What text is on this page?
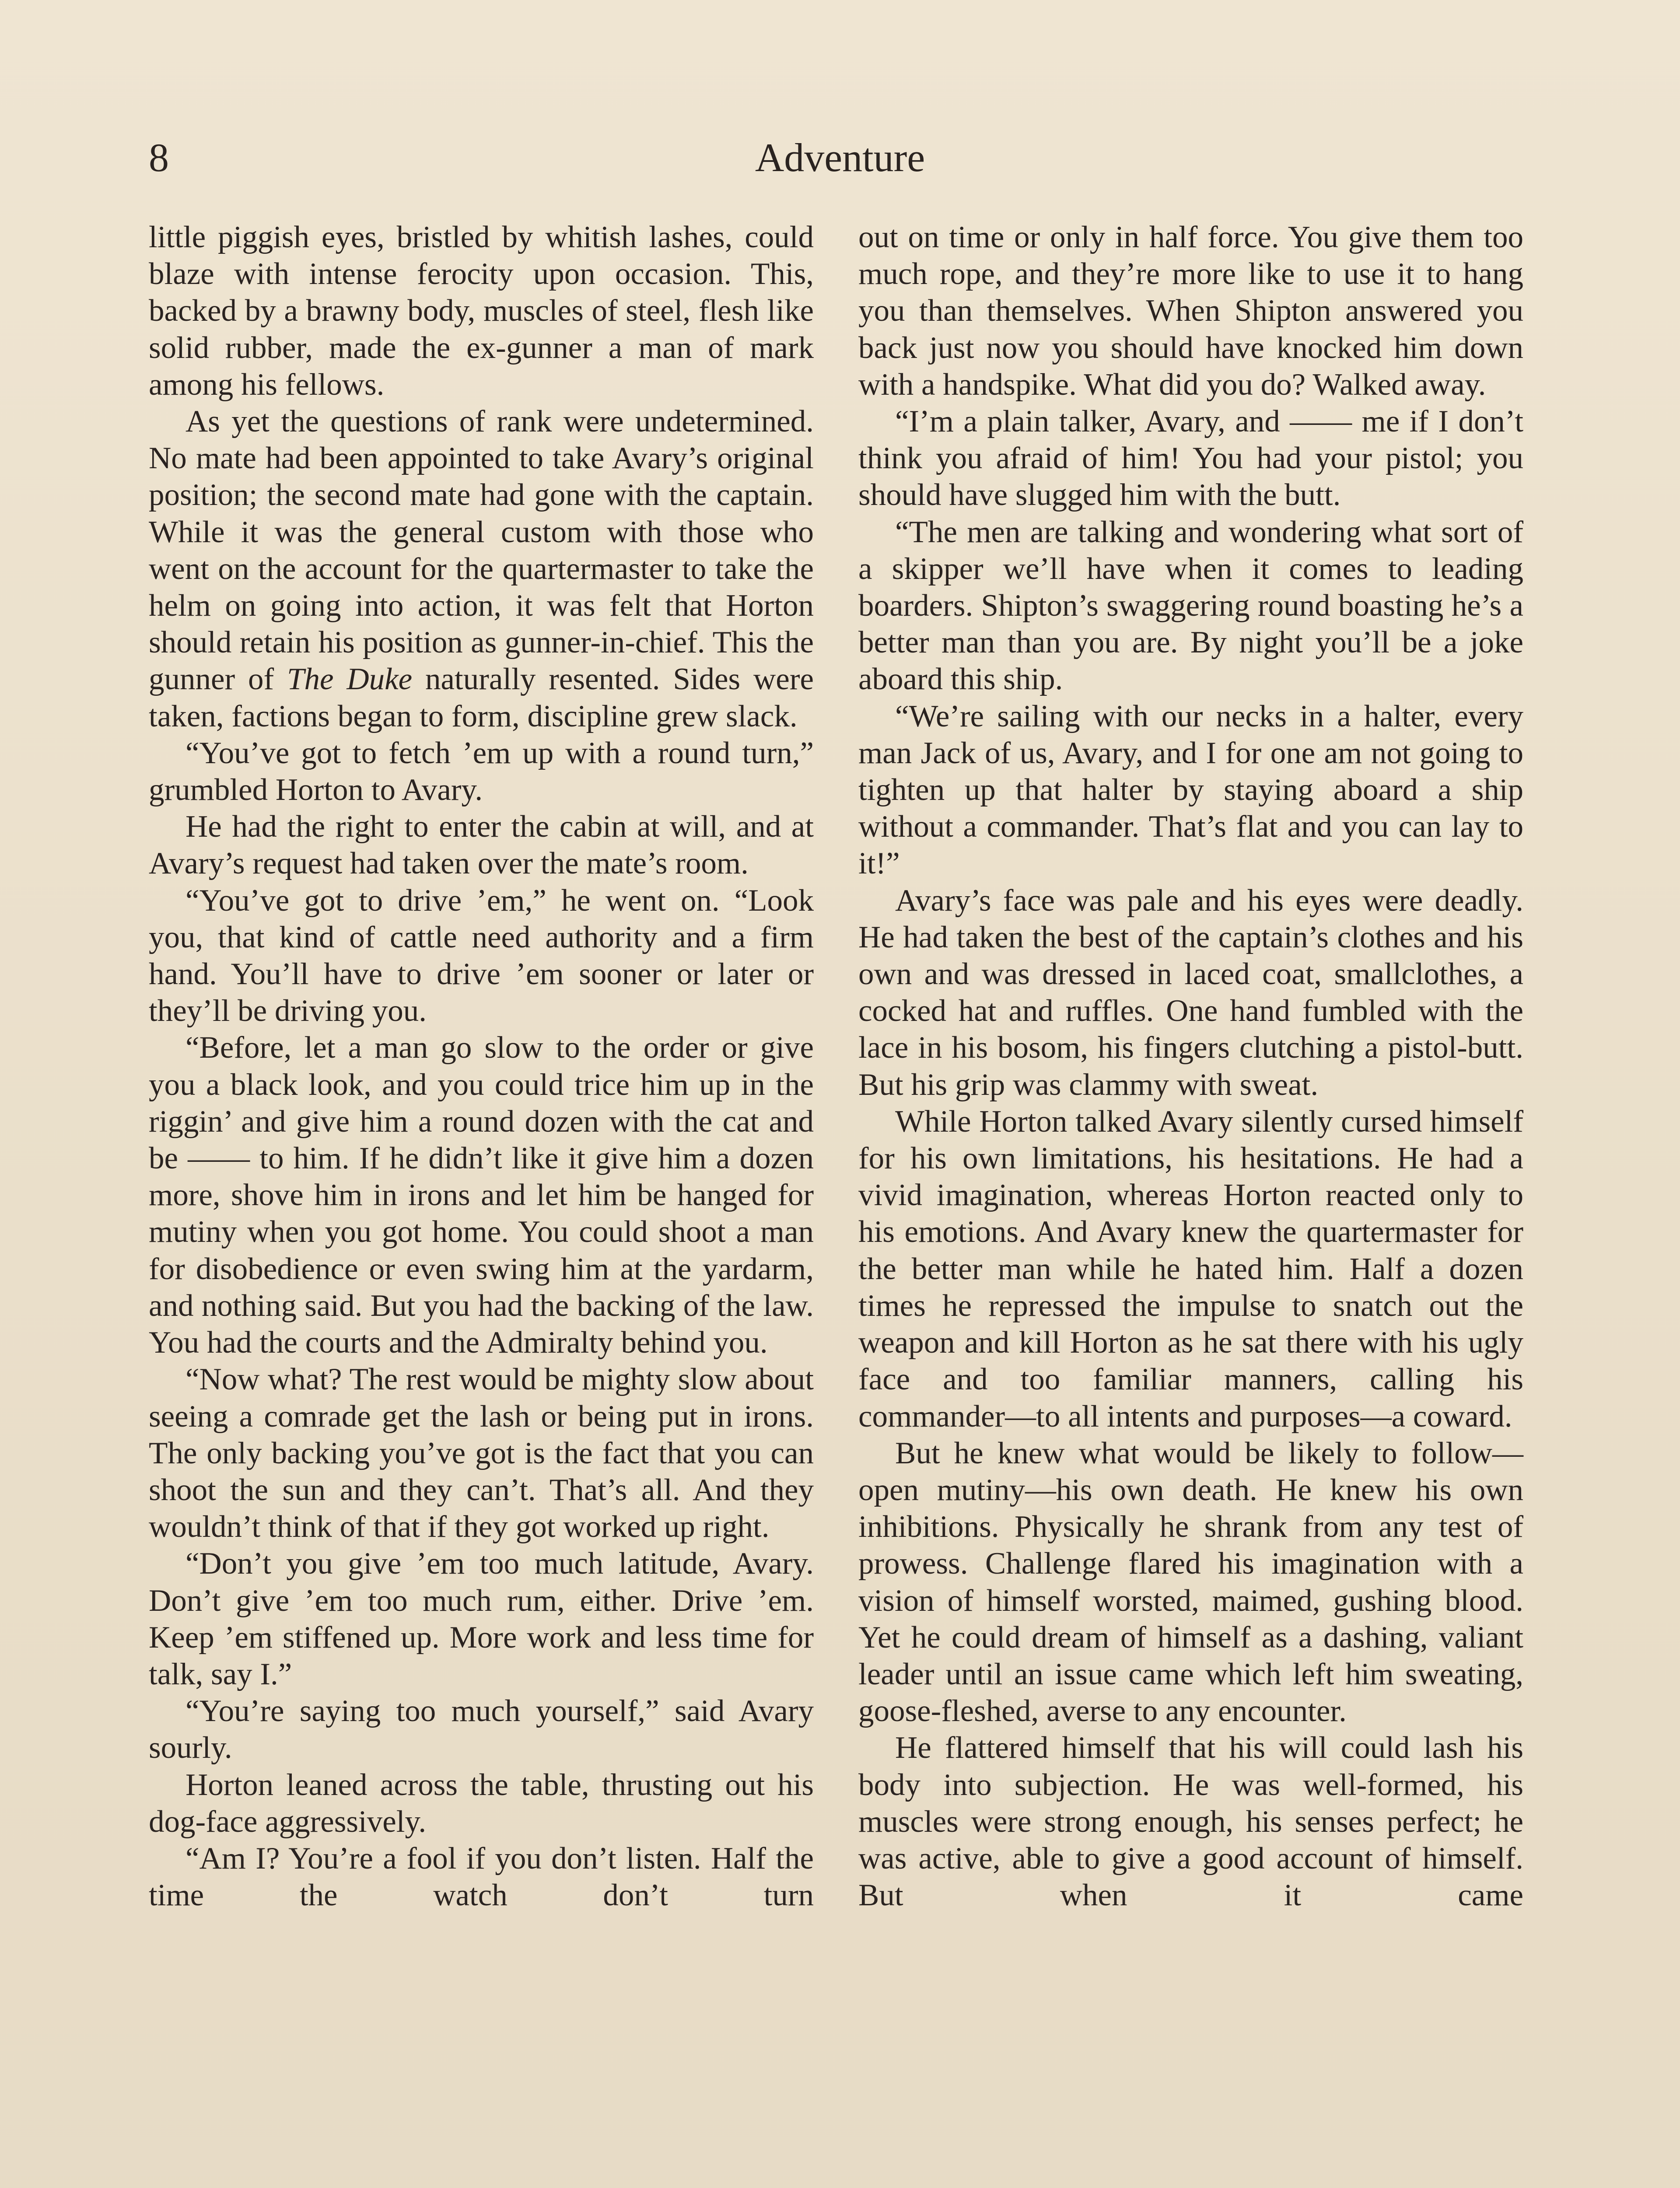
8	Adventure

little piggish eyes, bristled by whitish lashes, could blaze with intense ferocity upon occasion. This, backed by a brawny body, muscles of steel, flesh like solid rubber, made the ex-gunner a man of mark among his fellows.

As yet the questions of rank were undetermined. No mate had been appointed to take Avary’s original position; the second mate had gone with the captain. While it was the general custom with those who went on the account for the quartermaster to take the helm on going into action, it was felt that Horton should retain his position as gunner-in-chief. This the gunner of The Duke naturally resented. Sides were taken, factions began to form, discipline grew slack.

“You’ve got to fetch ’em up with a round turn,” grumbled Horton to Avary.

He had the right to enter the cabin at will, and at Avary’s request had taken over the mate’s room.

“You’ve got to drive ’em,” he went on. “Look you, that kind of cattle need authority and a firm hand. You’ll have to drive ’em sooner or later or they’ll be driving you.

“Before, let a man go slow to the order or give you a black look, and you could trice him up in the riggin’ and give him a round dozen with the cat and be —— to him. If he didn’t like it give him a dozen more, shove him in irons and let him be hanged for mutiny when you got home. You could shoot a man for disobedience or even swing him at the yardarm, and nothing said. But you had the backing of the law. You had the courts and the Admiralty behind you.

“Now what? The rest would be mighty slow about seeing a comrade get the lash or being put in irons. The only backing you’ve got is the fact that you can shoot the sun and they can’t. That’s all. And they wouldn’t think of that if they got worked up right.

“Don’t you give ’em too much latitude, Avary. Don’t give ’em too much rum, either. Drive ’em. Keep ’em stiffened up. More work and less time for talk, say I.”

“You’re saying too much yourself,” said Avary sourly.

Horton leaned across the table, thrusting out his dog-face aggressively.

“Am I? You’re a fool if you don’t listen. Half the time the watch don’t turn

out on time or only in half force. You give them too much rope, and they’re more like to use it to hang you than themselves. When Shipton answered you back just now you should have knocked him down with a handspike. What did you do? Walked away.

“I’m a plain talker, Avary, and —— me if I don’t think you afraid of him! You had your pistol; you should have slugged him with the butt.

“The men are talking and wondering what sort of a skipper we’ll have when it comes to leading boarders. Shipton’s swaggering round boasting he’s a better man than you are. By night you’ll be a joke aboard this ship.

“We’re sailing with our necks in a halter, every man Jack of us, Avary, and I for one am not going to tighten up that halter by staying aboard a ship without a commander. That’s flat and you can lay to it!”

Avary’s face was pale and his eyes were deadly. He had taken the best of the captain’s clothes and his own and was dressed in laced coat, smallclothes, a cocked hat and ruffles. One hand fumbled with the lace in his bosom, his fingers clutching a pistol-butt. But his grip was clammy with sweat.

While Horton talked Avary silently cursed himself for his own limitations, his hesitations. He had a vivid imagination, whereas Horton reacted only to his emotions. And Avary knew the quartermaster for the better man while he hated him. Half a dozen times he repressed the impulse to snatch out the weapon and kill Horton as he sat there with his ugly face and too familiar manners, calling his commander—to all intents and purposes—a coward.

But he knew what would be likely to follow—open mutiny—his own death. He knew his own inhibitions. Physically he shrank from any test of prowess. Challenge flared his imagination with a vision of himself worsted, maimed, gushing blood. Yet he could dream of himself as a dashing, valiant leader until an issue came which left him sweating, goose-fleshed, averse to any encounter.

He flattered himself that his will could lash his body into subjection. He was well-formed, his muscles were strong enough, his senses perfect; he was active, able to give a good account of himself. But when it came
